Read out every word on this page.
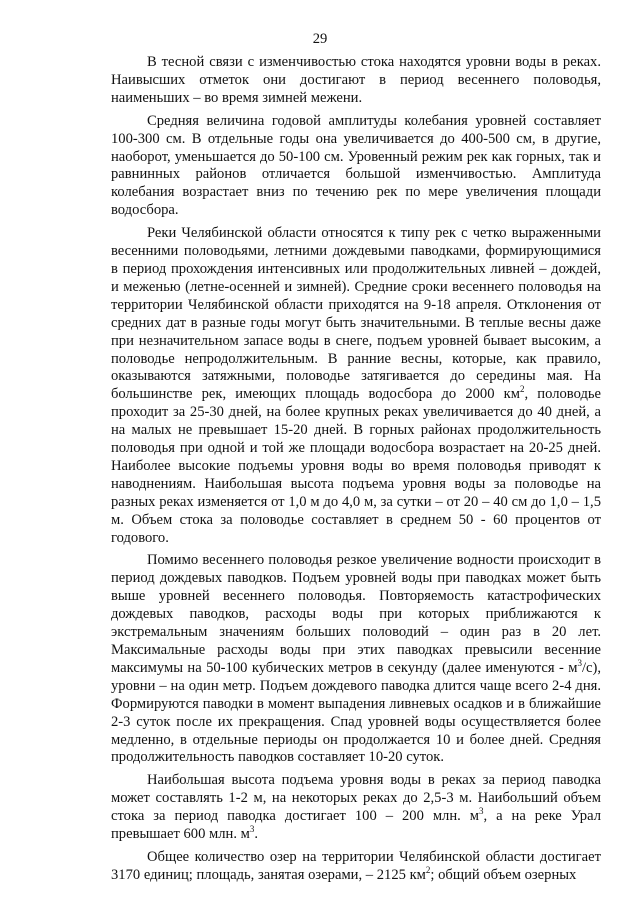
29

В тесной связи с изменчивостью стока находятся уровни воды в реках. Наивысших отметок они достигают в период весеннего половодья, наименьших – во время зимней межени.

Средняя величина годовой амплитуды колебания уровней составляет 100-300 см. В отдельные годы она увеличивается до 400-500 см, в другие, наоборот, уменьшается до 50-100 см. Уровенный режим рек как горных, так и равнинных районов отличается большой изменчивостью. Амплитуда колебания возрастает вниз по течению рек по мере увеличения площади водосбора.

Реки Челябинской области относятся к типу рек с четко выраженными весенними половодьями, летними дождевыми паводками, формирующимися в период прохождения интенсивных или продолжительных ливней – дождей, и меженью (летне-осенней и зимней). Средние сроки весеннего половодья на территории Челябинской области приходятся на 9-18 апреля. Отклонения от средних дат в разные годы могут быть значительными. В теплые весны даже при незначительном запасе воды в снеге, подъем уровней бывает высоким, а половодье непродолжительным. В ранние весны, которые, как правило, оказываются затяжными, половодье затягивается до середины мая. На большинстве рек, имеющих площадь водосбора до 2000 $км^2$, половодье проходит за 25-30 дней, на более крупных реках увеличивается до 40 дней, а на малых не превышает 15-20 дней. В горных районах продолжительность половодья при одной и той же площади водосбора возрастает на 20-25 дней. Наиболее высокие подъемы уровня воды во время половодья приводят к наводнениям. Наибольшая высота подъема уровня воды за половодье на разных реках изменяется от 1,0 м до 4,0 м, за сутки – от 20 – 40 см до 1,0 – 1,5 м. Объем стока за половодье составляет в среднем 50 - 60 процентов от годового.

Помимо весеннего половодья резкое увеличение водности происходит в период дождевых паводков. Подъем уровней воды при паводках может быть выше уровней весеннего половодья. Повторяемость катастрофических дождевых паводков, расходы воды при которых приближаются к экстремальным значениям больших половодий – один раз в 20 лет. Максимальные расходы воды при этих паводках превысили весенние максимумы на 50-100 кубических метров в секунду (далее именуются - $м^3/с$), уровни – на один метр. Подъем дождевого паводка длится чаще всего 2-4 дня. Формируются паводки в момент выпадения ливневых осадков и в ближайшие 2-3 суток после их прекращения. Спад уровней воды осуществляется более медленно, в отдельные периоды он продолжается 10 и более дней. Средняя продолжительность паводков составляет 10-20 суток.

Наибольшая высота подъема уровня воды в реках за период паводка может составлять 1-2 м, на некоторых реках до 2,5-3 м. Наибольший объем стока за период паводка достигает 100 – 200 млн. $м^3$, а на реке Урал превышает 600 млн. $м^3$.

Общее количество озер на территории Челябинской области достигает 3170 единиц; площадь, занятая озерами, – 2125 $км^2$; общий объем озерных
